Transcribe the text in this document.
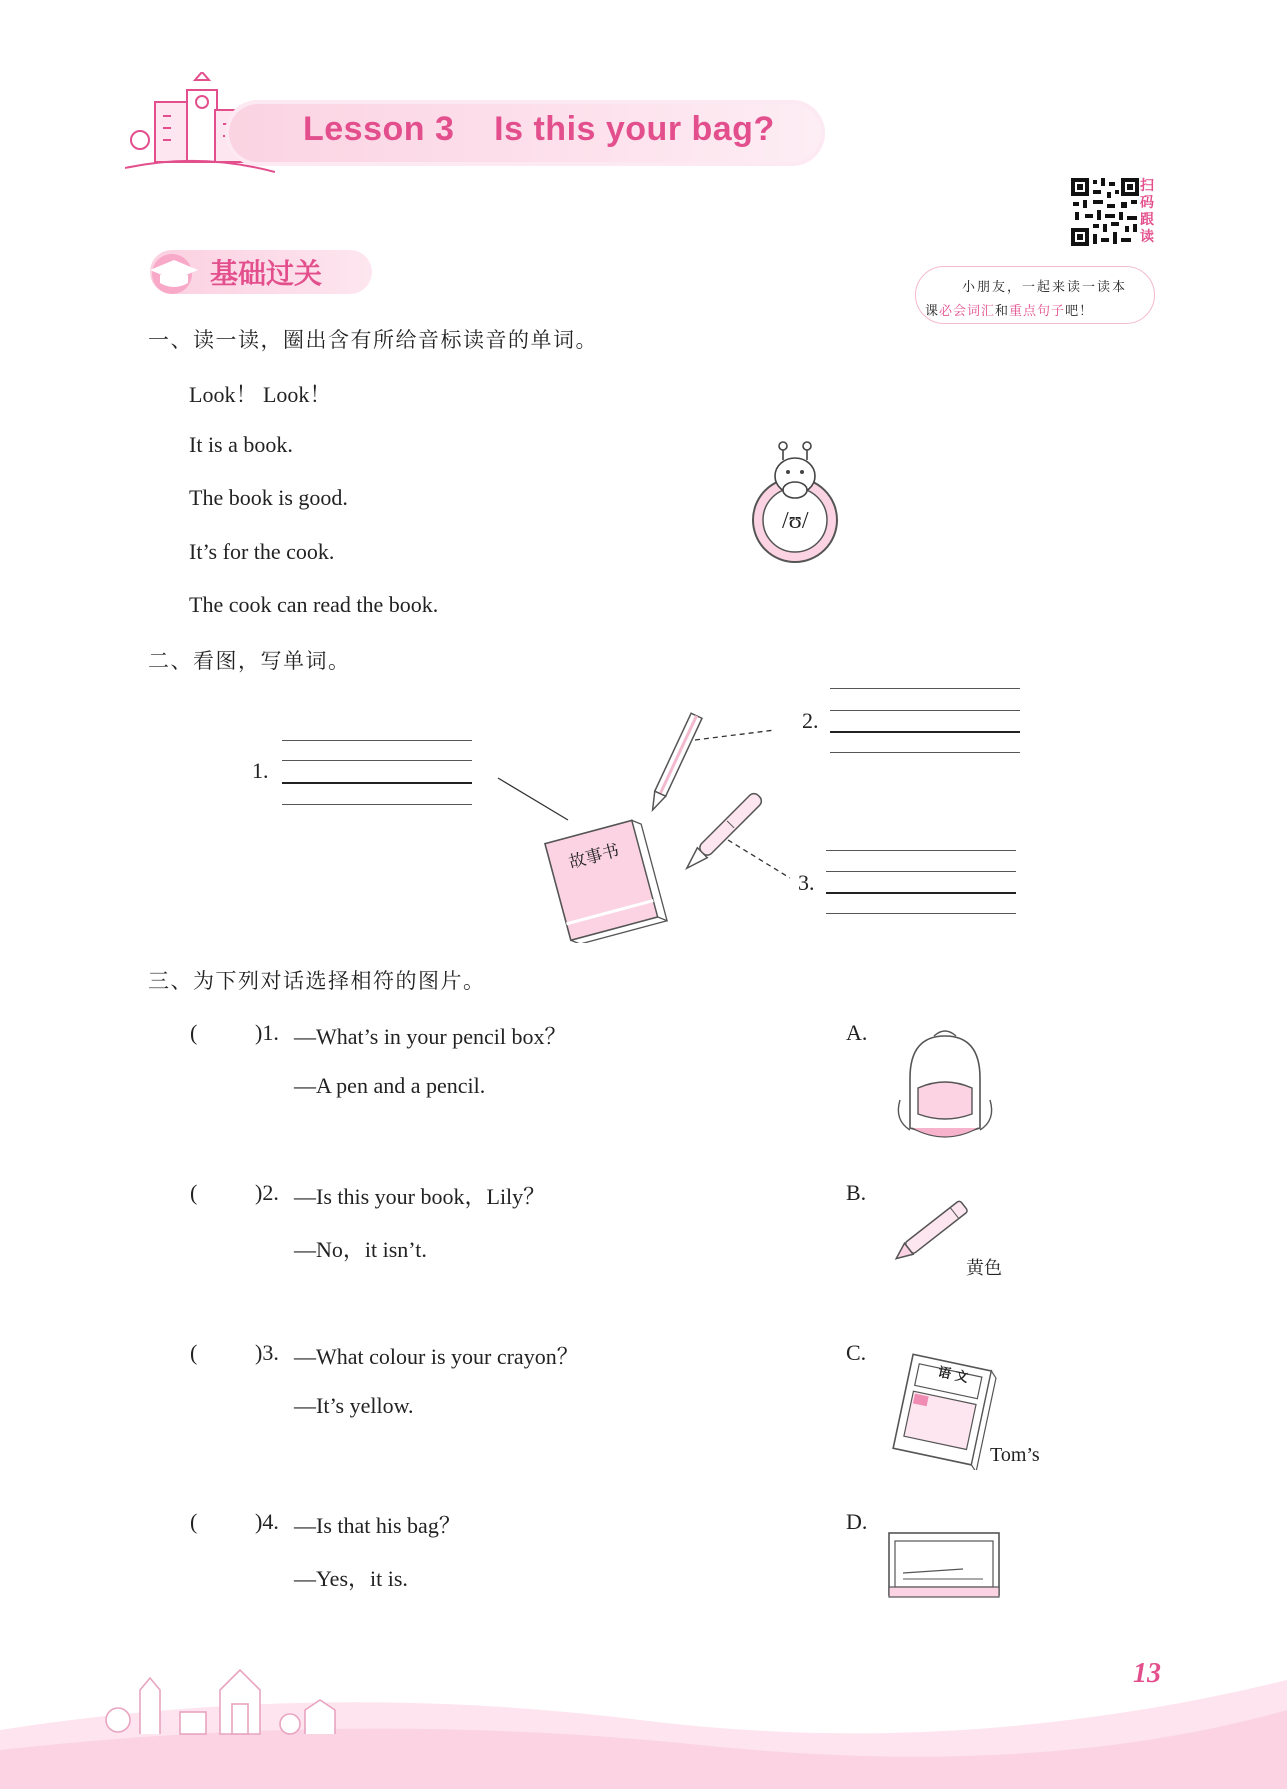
Lesson 3    Is this your bag?
扫码跟读
小朋友，一起来读一读本
课必会词汇和重点句子吧！
基础过关
一、读一读，圈出含有所给音标读音的单词。
Look！ Look！
It is a book.
The book is good.
It’s for the cook.
The cook can read the book.
/ʊ/
二、看图，写单词。
1.
2.
3.
故事书
三、为下列对话选择相符的图片。
(	)1. —What’s in your pencil box？
—A pen and a pencil.
(	)2. —Is this your book，Lily？
—No，it isn’t.
(	)3. —What colour is your crayon？
—It’s yellow.
(	)4. —Is that his bag？
—Yes，it is.
A.
B.
黄色
C.
语 文
Tom’s
D.
13
